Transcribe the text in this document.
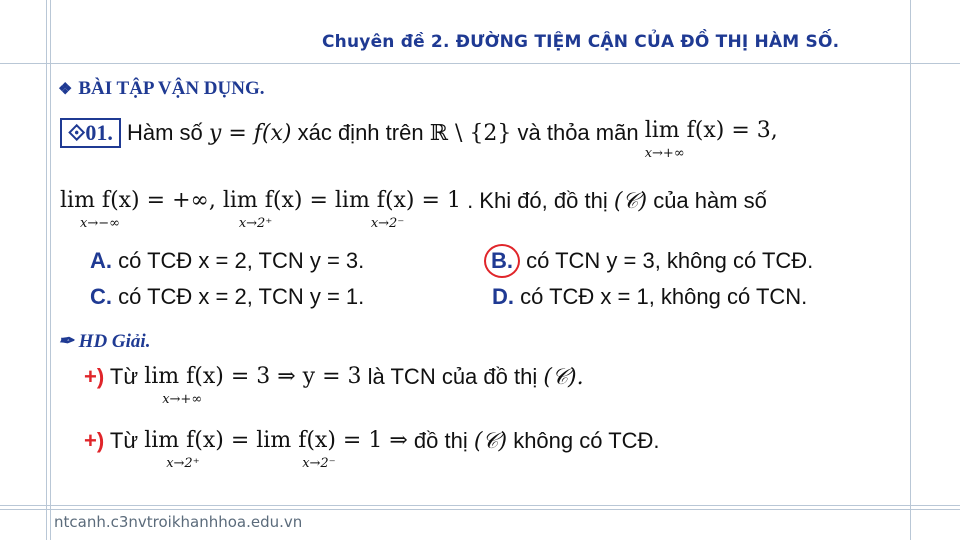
Chuyên đề 2. ĐƯỜNG TIỆM CẬN CỦA ĐỒ THỊ HÀM SỐ.
❖ BÀI TẬP VẬN DỤNG.
⟐01. Hàm số y = f(x) xác định trên ℝ \ {2} và thỏa mãn lim f(x) = 3,
x→+∞
lim f(x) = +∞
x→−∞
, lim f(x) = lim f(x) = 1
x→2⁺	x→2⁻
. Khi đó, đồ thị (𝒞) của hàm số
A. có TCĐ x = 2, TCN y = 3.	B. có TCN y = 3, không có TCĐ.
C. có TCĐ x = 2, TCN y = 1.	D. có TCĐ x = 1, không có TCN.
✒ HD Giải.
+) Từ lim f(x) = 3 ⇒ y = 3
x→+∞
là TCN của đồ thị (𝒞).
+) Từ lim f(x) = lim f(x) = 1 ⇒
x→2⁺	x→2⁻
đồ thị (𝒞) không có TCĐ.
ntcanh.c3nvtroikhanhhoa.edu.vn
